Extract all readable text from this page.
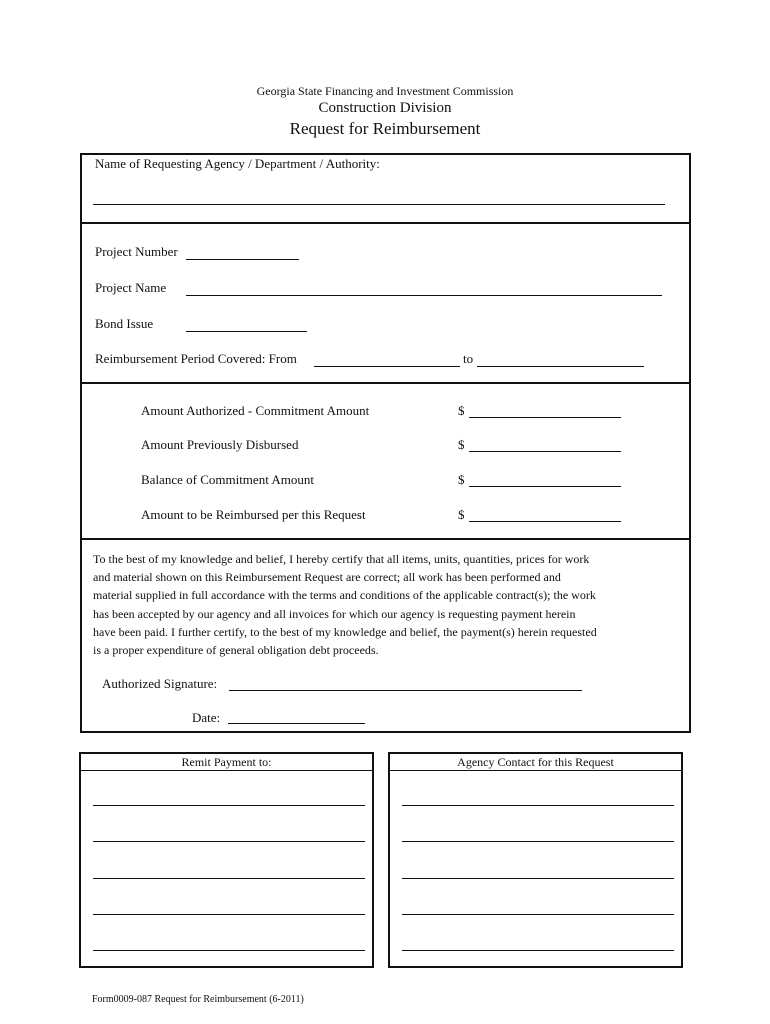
Georgia State Financing and Investment Commission
Construction Division
Request for Reimbursement
Name of Requesting Agency / Department / Authority:
Project Number
Project Name
Bond Issue
Reimbursement Period Covered: From	to
Amount Authorized - Commitment Amount	$
Amount Previously Disbursed	$
Balance of Commitment Amount	$
Amount to be Reimbursed per this Request	$
To the best of my knowledge and belief, I hereby certify that all items, units, quantities, prices for work
and material shown on this Reimbursement Request are correct; all work has been performed and
material supplied in full accordance with the terms and conditions of the applicable contract(s); the work
has been accepted by our agency and all invoices for which our agency is requesting payment herein
have been paid. I further certify, to the best of my knowledge and belief, the payment(s) herein requested
is a proper expenditure of general obligation debt proceeds.
Authorized Signature:
Date:
Remit Payment to:	Agency Contact for this Request
Form0009-087 Request for Reimbursement (6-2011)
